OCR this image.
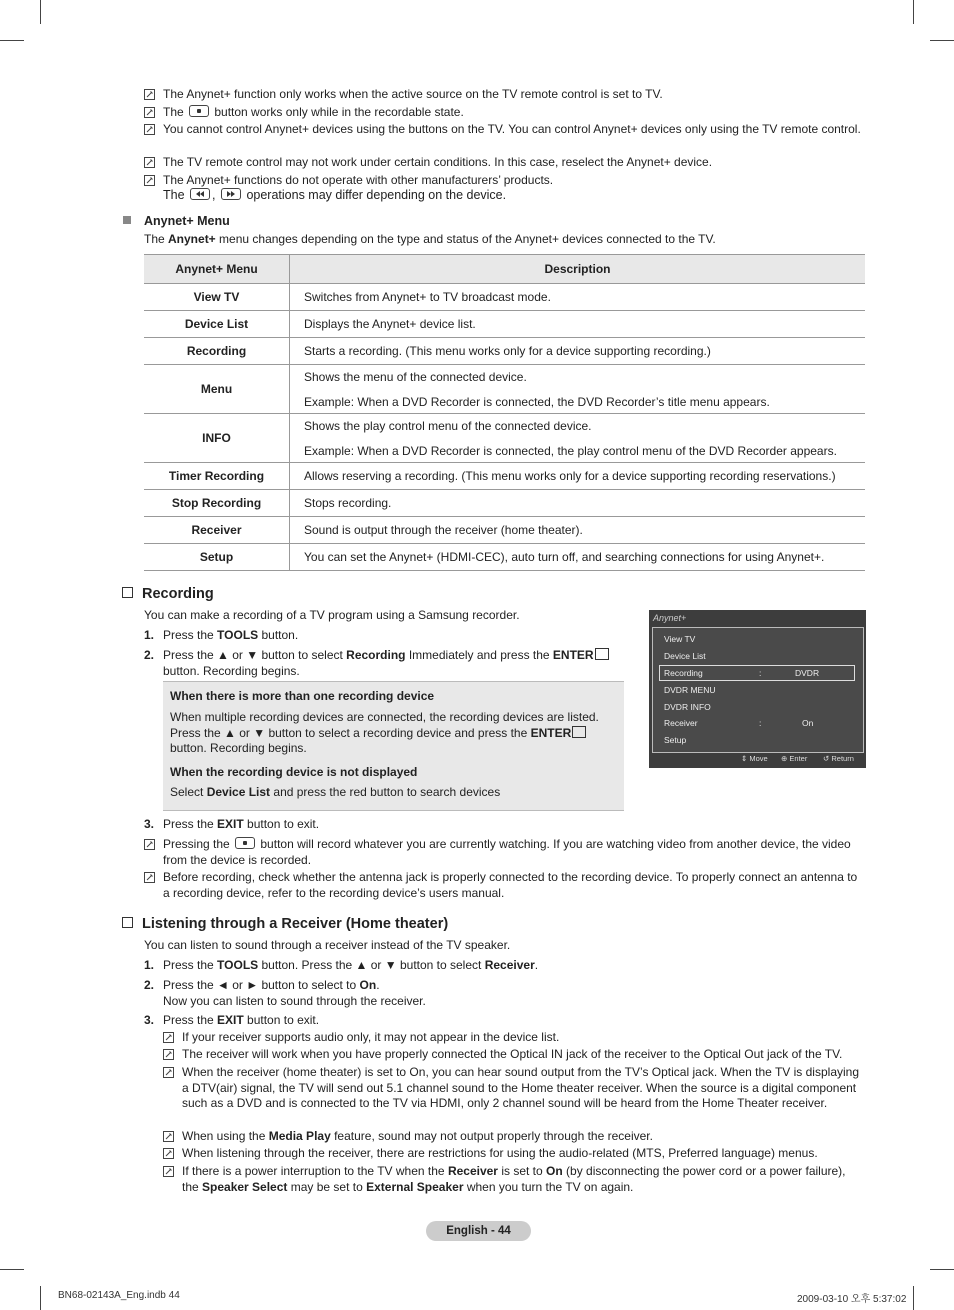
The Anynet+ function only works when the active source on the TV remote control is set to TV.
The  button works only while in the recordable state.
You cannot control Anynet+ devices using the buttons on the TV. You can control Anynet+ devices only using the TV remote control.
The TV remote control may not work under certain conditions. In this case, reselect the Anynet+ device.
The Anynet+ functions do not operate with other manufacturers’ products.
The ,  operations may differ depending on the device.
Anynet+ Menu
The Anynet+ menu changes depending on the type and status of the Anynet+ devices connected to the TV.
Anynet+ Menu	Description
View TV	Switches from Anynet+ to TV broadcast mode.
Device List	Displays the Anynet+ device list.
Recording	Starts a recording. (This menu works only for a device supporting recording.)
Menu	Shows the menu of the connected device.
Example: When a DVD Recorder is connected, the DVD Recorder’s title menu appears.

INFO	Shows the play control menu of the connected device.
Example: When a DVD Recorder is connected, the play control menu of the DVD Recorder appears.

Timer Recording	Allows reserving a recording. (This menu works only for a device supporting recording reservations.)
Stop Recording	Stops recording.
Receiver	Sound is output through the receiver (home theater).
Setup	You can set the Anynet+ (HDMI-CEC), auto turn off, and searching connections for using Anynet+.
Recording
You can make a recording of a TV program using a Samsung recorder.
1. Press the TOOLS button.
2. Press the ▲ or ▼ button to select Recording Immediately and press the ENTER
button. Recording begins.
When there is more than one recording device
When multiple recording devices are connected, the recording devices are listed. Press the ▲ or ▼ button to select a recording device and press the ENTER
button. Recording begins.
When the recording device is not displayed
Select Device List and press the red button to search devices
Anynet+
View TV
Device List
Recording	:	DVDR
DVDR MENU
DVDR INFO
Receiver	:	On
Setup
⇕ Move ⊕ Enter ↺ Return
3. Press the EXIT button to exit.
Pressing the  button will record whatever you are currently watching. If you are watching video from another device, the video from the device is recorded.
Before recording, check whether the antenna jack is properly connected to the recording device. To properly connect an antenna to a recording device, refer to the recording device’s users manual.
Listening through a Receiver (Home theater)
You can listen to sound through a receiver instead of the TV speaker.
1. Press the TOOLS button. Press the ▲ or ▼ button to select Receiver.
2. Press the ◄ or ► button to select to On.
Now you can listen to sound through the receiver.
3. Press the EXIT button to exit.
If your receiver supports audio only, it may not appear in the device list.
The receiver will work when you have properly connected the Optical IN jack of the receiver to the Optical Out jack of the TV.
When the receiver (home theater) is set to On, you can hear sound output from the TV’s Optical jack. When the TV is displaying a DTV(air) signal, the TV will send out 5.1 channel sound to the Home theater receiver. When the source is a digital component such as a DVD and is connected to the TV via HDMI, only 2 channel sound will be heard from the Home Theater receiver.
When using the Media Play feature, sound may not output properly through the receiver.
When listening through the receiver, there are restrictions for using the audio-related (MTS, Preferred language) menus.
If there is a power interruption to the TV when the Receiver is set to On (by disconnecting the power cord or a power failure), the Speaker Select may be set to External Speaker when you turn the TV on again.
English - 44
BN68-02143A_Eng.indb 44	2009-03-10 오후 5:37:02
